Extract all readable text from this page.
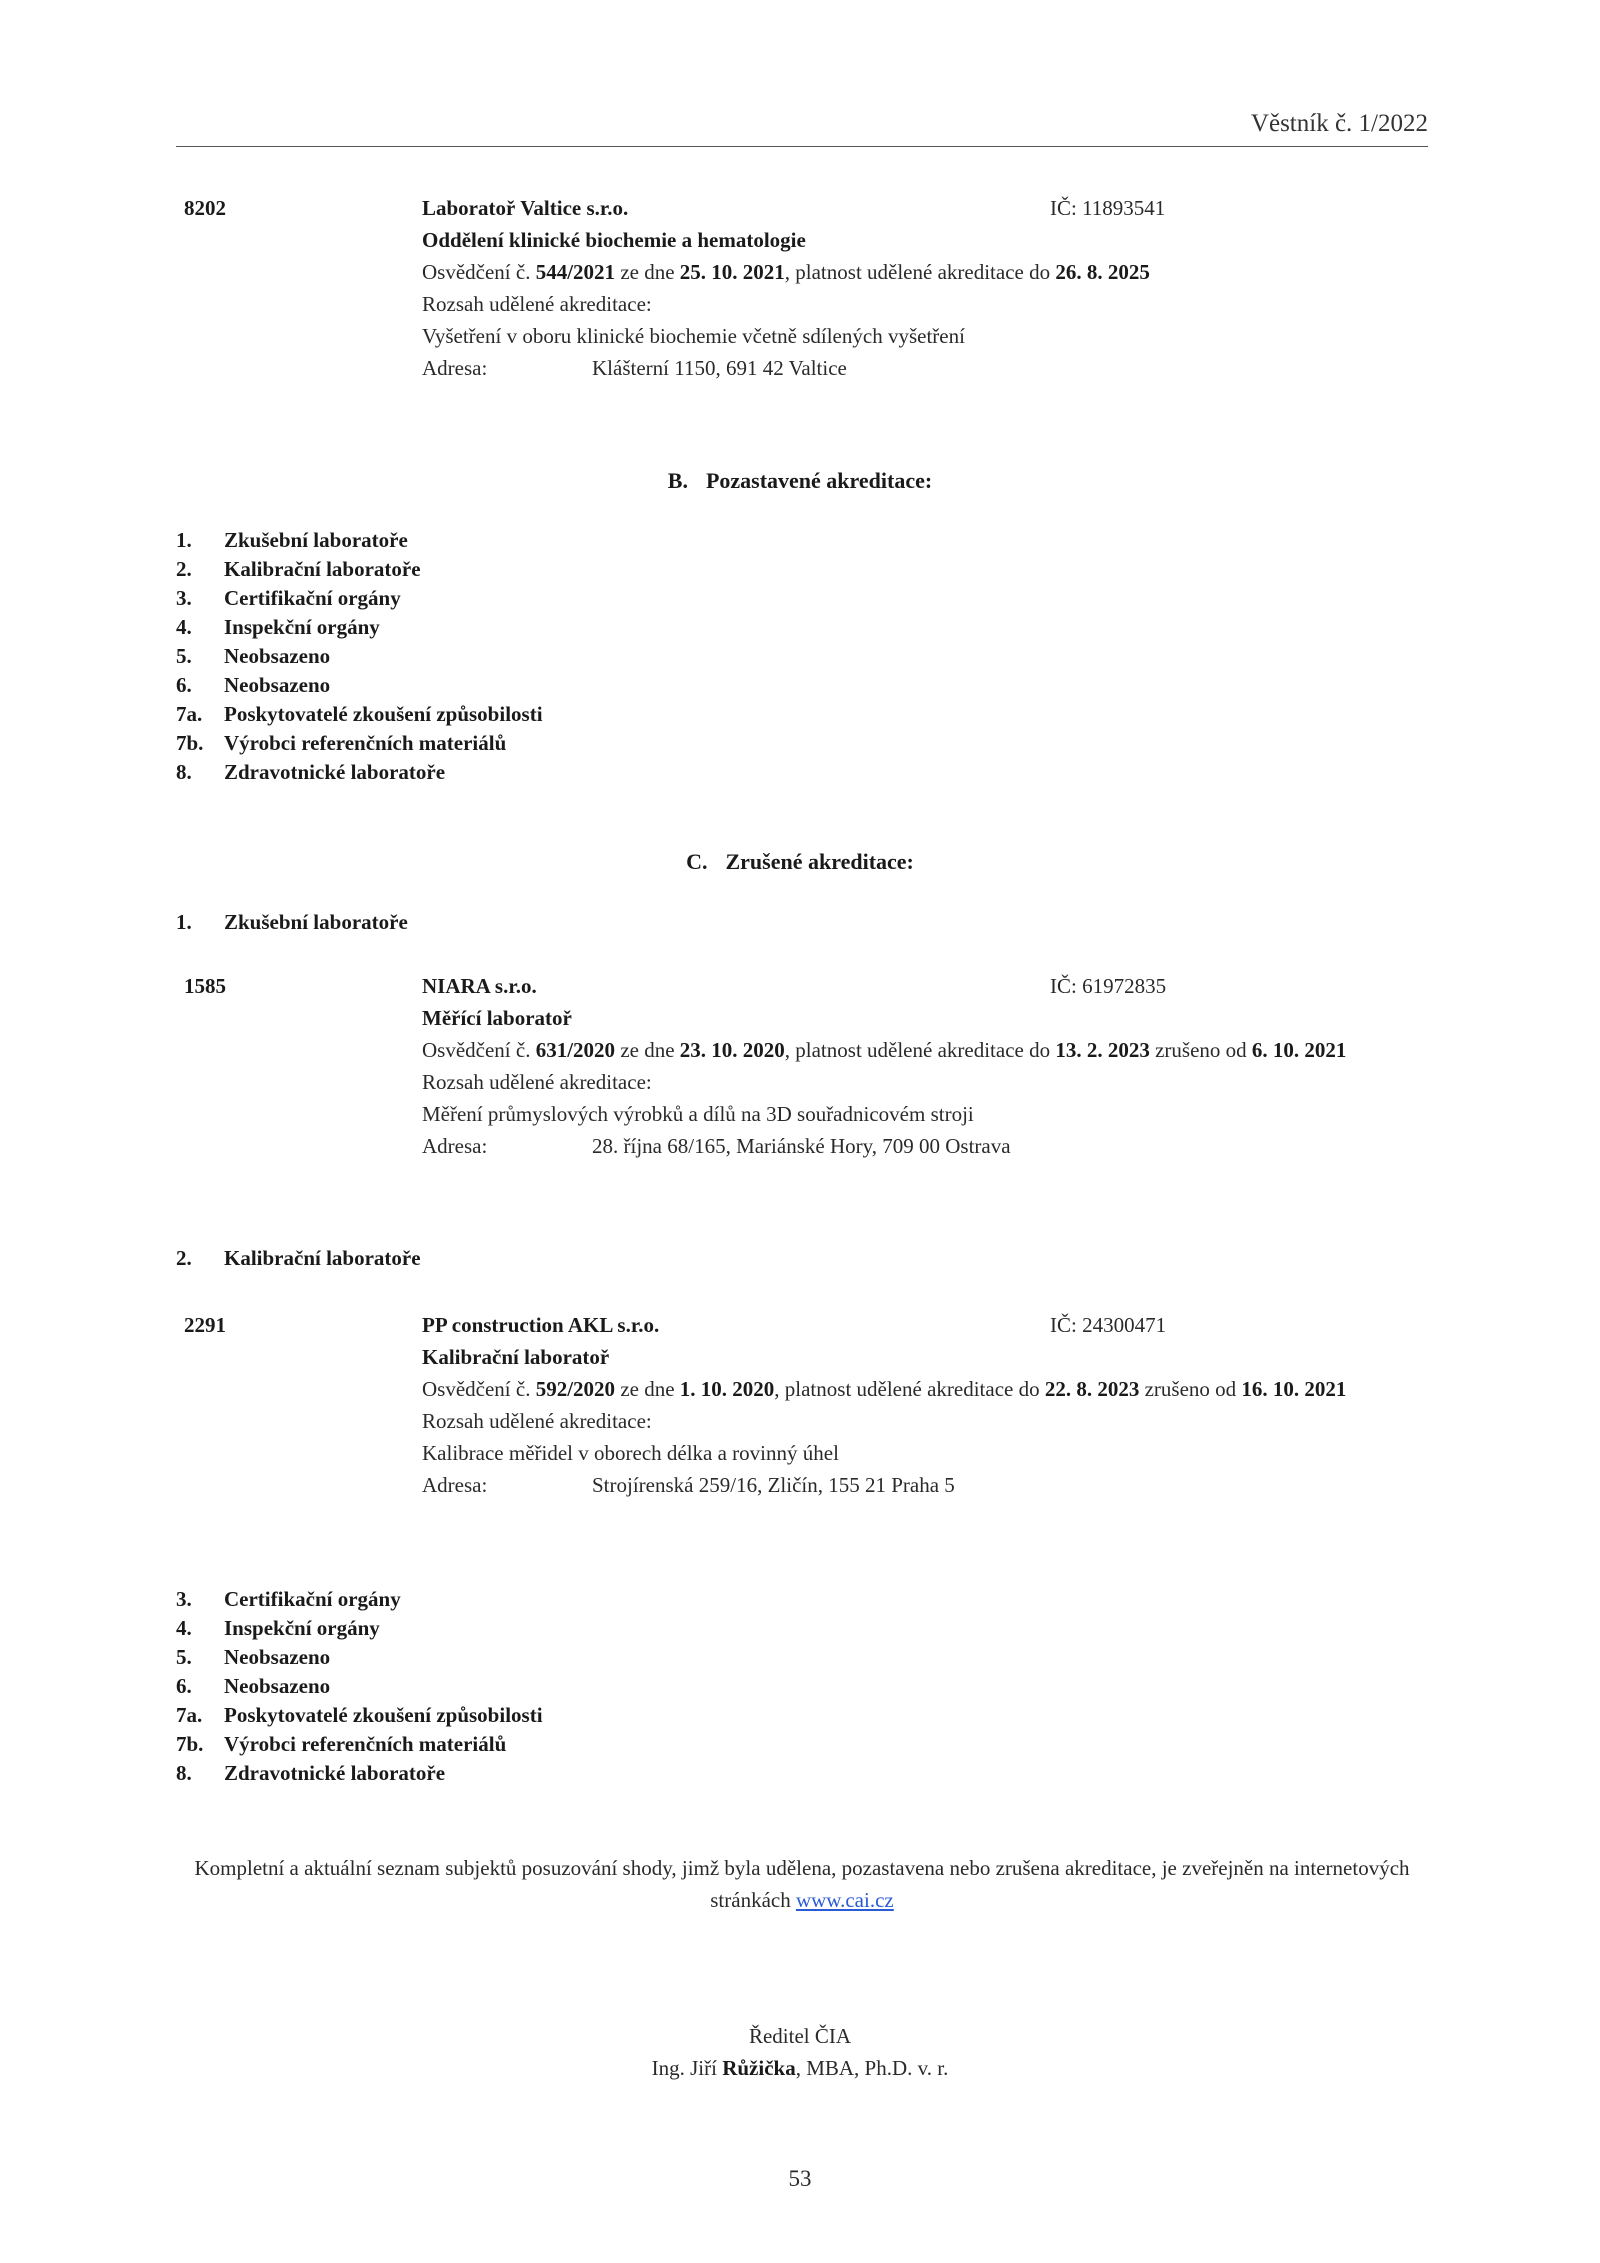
Věstník č. 1/2022
8202	Laboratoř Valtice s.r.o.
Oddělení klinické biochemie a hematologie
Osvědčení č. 544/2021 ze dne 25. 10. 2021, platnost udělené akreditace do 26. 8. 2025
Rozsah udělené akreditace:
Vyšetření v oboru klinické biochemie včetně sdílených vyšetření
Adresa:	Klášterní 1150, 691 42 Valtice
IČ: 11893541
B. Pozastavené akreditace:
1. Zkušební laboratoře
2. Kalibrační laboratoře
3. Certifikační orgány
4. Inspekční orgány
5. Neobsazeno
6. Neobsazeno
7a. Poskytovatelé zkoušení způsobilosti
7b. Výrobci referenčních materiálů
8. Zdravotnické laboratoře
C. Zrušené akreditace:
1. Zkušební laboratoře
1585	NIARA s.r.o.
Měřící laboratoř
Osvědčení č. 631/2020 ze dne 23. 10. 2020, platnost udělené akreditace do 13. 2. 2023 zrušeno od 6. 10. 2021
Rozsah udělené akreditace:
Měření průmyslových výrobků a dílů na 3D souřadnicovém stroji
Adresa:	28. října 68/165, Mariánské Hory, 709 00 Ostrava
IČ: 61972835
2. Kalibrační laboratoře
2291	PP construction AKL s.r.o.
Kalibrační laboratoř
Osvědčení č. 592/2020 ze dne 1. 10. 2020, platnost udělené akreditace do 22. 8. 2023 zrušeno od 16. 10. 2021
Rozsah udělené akreditace:
Kalibrace měřidel v oborech délka a rovinný úhel
Adresa:	Strojírenská 259/16, Zličín, 155 21 Praha 5
IČ: 24300471
3. Certifikační orgány
4. Inspekční orgány
5. Neobsazeno
6. Neobsazeno
7a. Poskytovatelé zkoušení způsobilosti
7b. Výrobci referenčních materiálů
8. Zdravotnické laboratoře
Kompletní a aktuální seznam subjektů posuzování shody, jimž byla udělena, pozastavena nebo zrušena akreditace, je zveřejněn na internetových stránkách www.cai.cz
Ředitel ČIA
Ing. Jiří Růžička, MBA, Ph.D. v. r.
53
